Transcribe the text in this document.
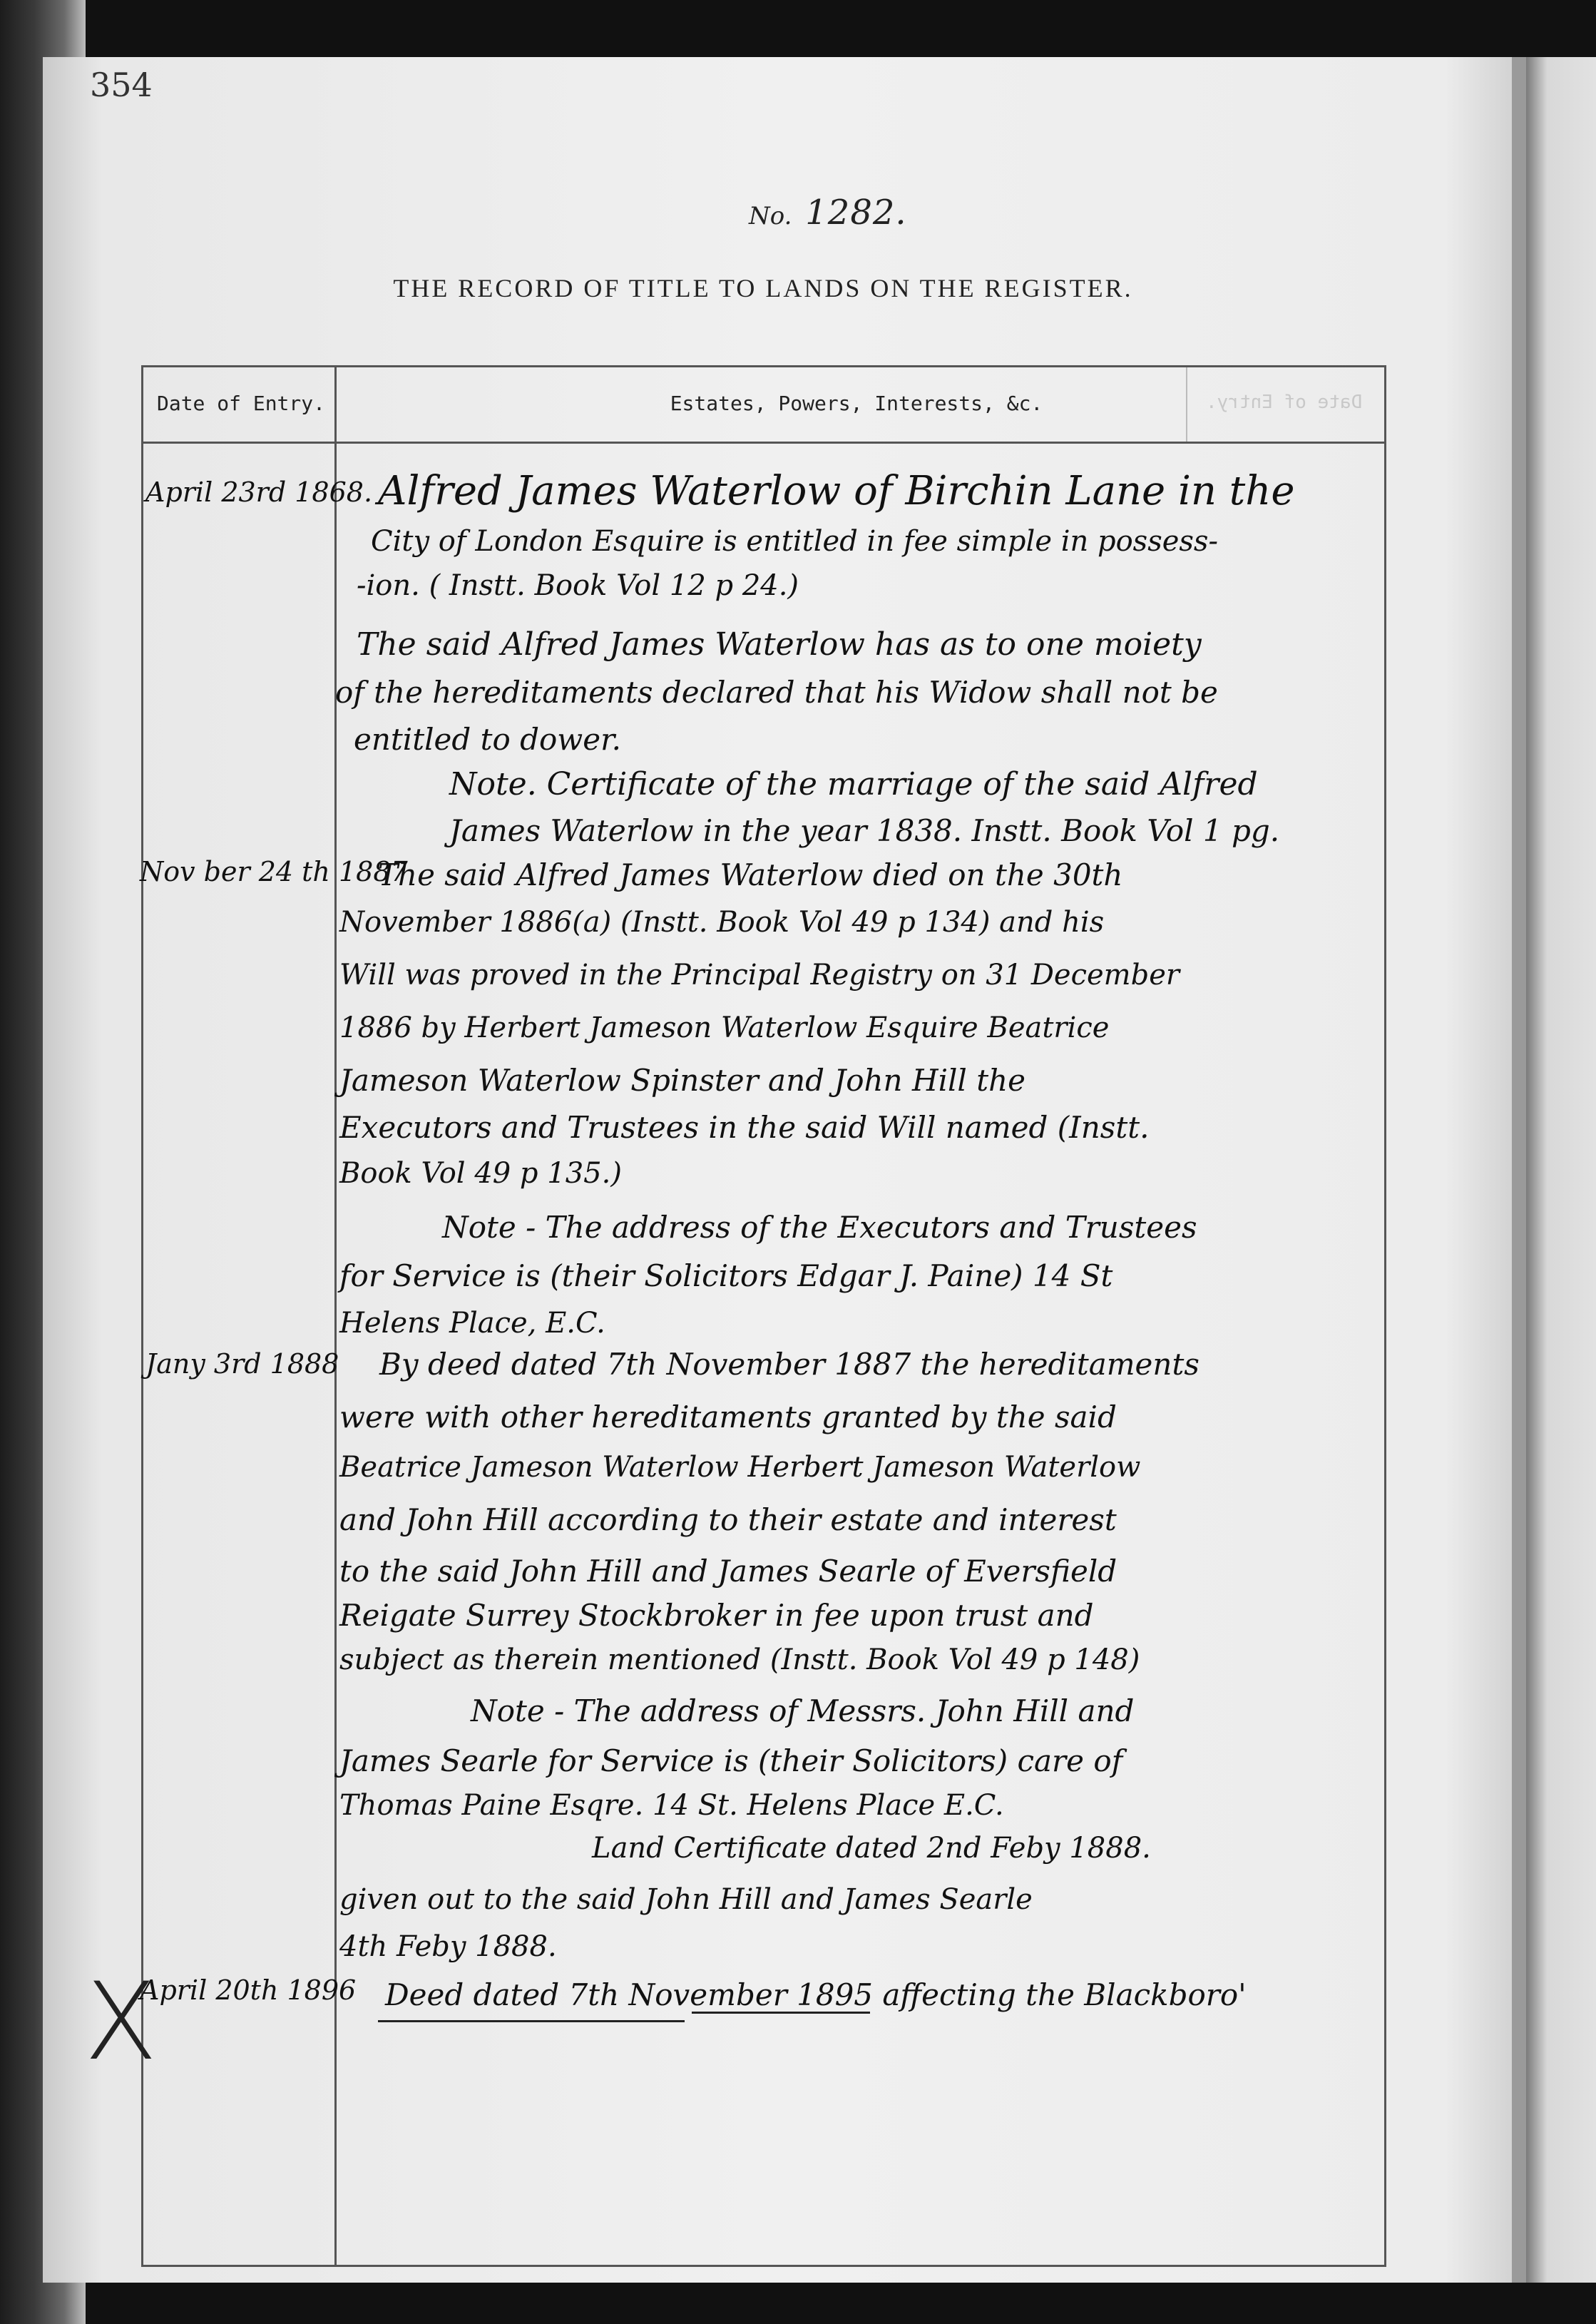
354
No. 1282.
THE RECORD OF TITLE TO LANDS ON THE REGISTER.
Date of Entry.	Estates, Powers, Interests, &c.	Date of Entry.
April 23rd 1868.
Nov ber 24 th 1887
Jany 3rd 1888
April 20th 1896
X
Alfred James Waterlow of Birchin Lane in the
City of London Esquire is entitled in fee simple in possess-
-ion. ( Instt. Book Vol 12 p 24.)
The said Alfred James Waterlow has as to one moiety
of the hereditaments declared that his Widow shall not be
entitled to dower.
Note. Certificate of the marriage of the said Alfred
James Waterlow in the year 1838. Instt. Book Vol 1 pg.
The said Alfred James Waterlow died on the 30th
November 1886(a) (Instt. Book Vol 49 p 134) and his
Will was proved in the Principal Registry on 31 December
1886 by Herbert Jameson Waterlow Esquire Beatrice
Jameson Waterlow Spinster and John Hill the
Executors and Trustees in the said Will named (Instt.
Book Vol 49 p 135.)
Note - The address of the Executors and Trustees
for Service is (their Solicitors Edgar J. Paine) 14 St
Helens Place, E.C.
By deed dated 7th November 1887 the hereditaments
were with other hereditaments granted by the said
Beatrice Jameson Waterlow Herbert Jameson Waterlow
and John Hill according to their estate and interest
to the said John Hill and James Searle of Eversfield
Reigate Surrey Stockbroker in fee upon trust and
subject as therein mentioned (Instt. Book Vol 49 p 148)
Note - The address of Messrs. John Hill and
James Searle for Service is (their Solicitors) care of
Thomas Paine Esqre. 14 St. Helens Place E.C.
Land Certificate dated 2nd Feby 1888.
given out to the said John Hill and James Searle
4th Feby 1888.
Deed dated 7th November 1895 affecting the Blackboro'
